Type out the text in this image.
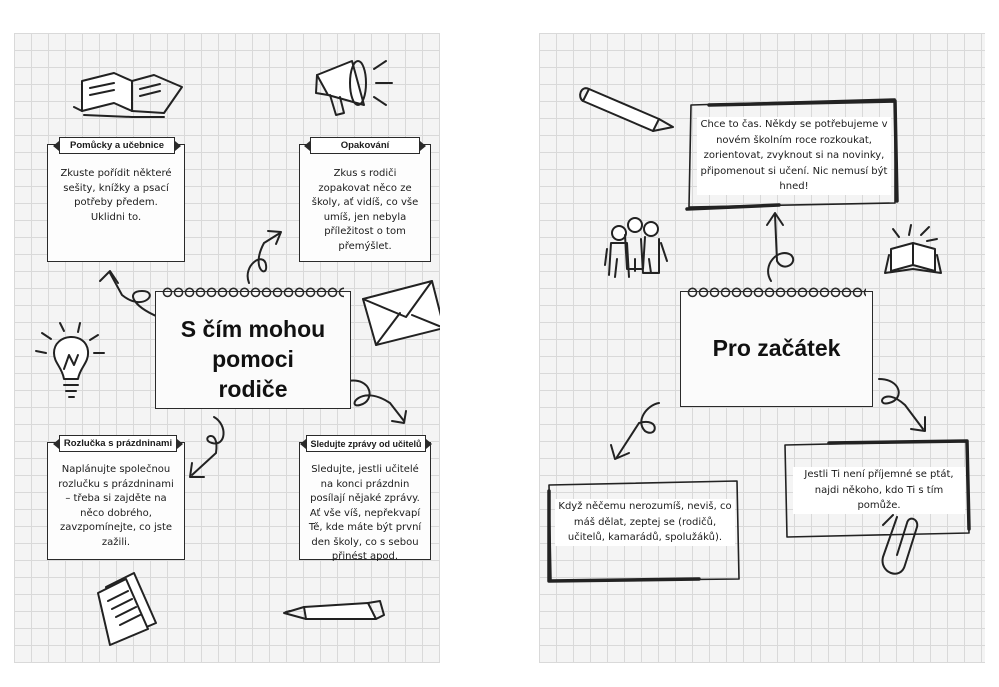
Zkuste pořídit některé sešity, knížky a psací potřeby předem. Uklidni to.
Pomůcky a učebnice
Zkus s rodiči zopakovat něco ze školy, ať vidíš, co vše umíš, jen nebyla příležitost o tom přemýšlet.
Opakování
S čím mohou pomoci rodiče
Naplánujte společnou rozlučku s prázdninami – třeba si zajděte na něco dobrého, zavzpomínejte, co jste zažili.
Rozlučka s prázdninami
Sledujte, jestli učitelé na konci prázdnin posílají nějaké zprávy. Ať vše víš, nepřekvapí Tě, kde máte být první den školy, co s sebou přinést apod.
Sledujte zprávy od učitelů
Chce to čas. Někdy se potřebujeme v novém školním roce rozkoukat, zorientovat, zvyknout si na novinky, připomenout si učení. Nic nemusí být hned!
Pro začátek
Když něčemu nerozumíš, neviš, co máš dělat, zeptej se (rodičů, učitelů, kamarádů, spolužáků).
Jestli Ti není příjemné se ptát, najdi někoho, kdo Ti s tím pomůže.
